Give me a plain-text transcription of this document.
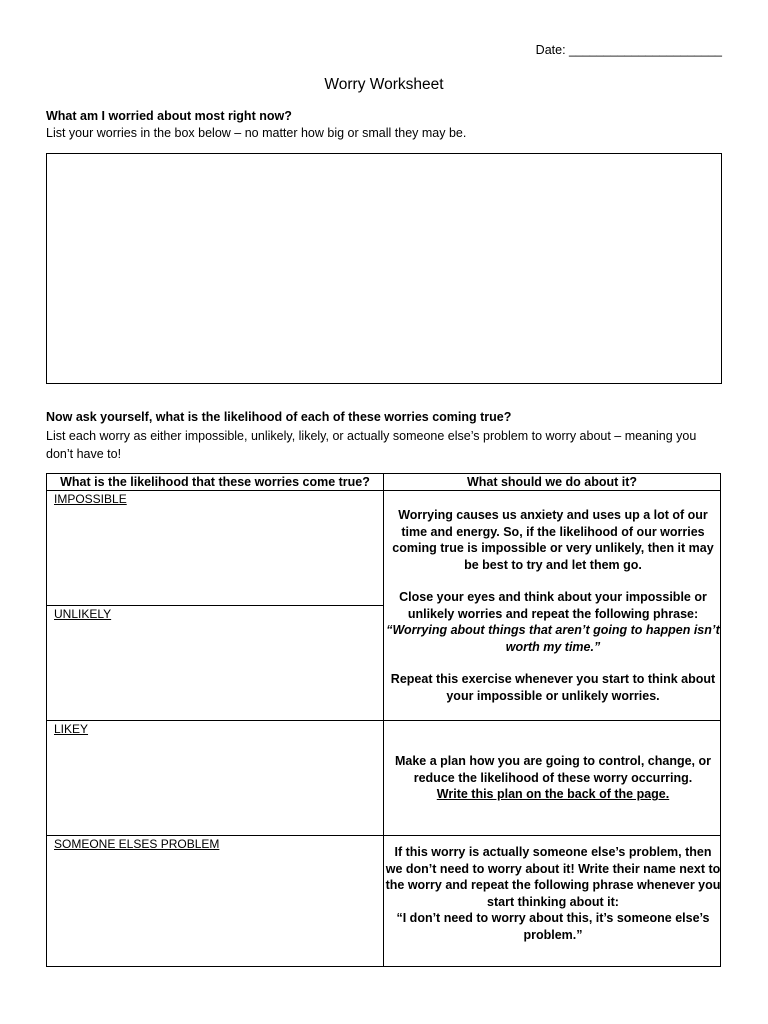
Date: ______________________
Worry Worksheet
What am I worried about most right now?
List your worries in the box below – no matter how big or small they may be.
Now ask yourself, what is the likelihood of each of these worries coming true?
List each worry as either impossible, unlikely, likely, or actually someone else’s problem to worry about – meaning you don’t have to!
What is the likelihood that these worries come true?	What should we do about it?
IMPOSSIBLE
UNLIKELY
LIKEY
SOMEONE ELSES PROBLEM

Worrying causes us anxiety and uses up a lot of our time and energy. So, if the likelihood of our worries coming true is impossible or very unlikely, then it may be best to try and let them go.

Close your eyes and think about your impossible or unlikely worries and repeat the following phrase:

“Worrying about things that aren’t going to happen isn’t worth my time.”

Repeat this exercise whenever you start to think about your impossible or unlikely worries.

Make a plan how you are going to control, change, or reduce the likelihood of these worry occurring.

Write this plan on the back of the page.

If this worry is actually someone else’s problem, then we don’t need to worry about it! Write their name next to the worry and repeat the following phrase whenever you start thinking about it:

“I don’t need to worry about this, it’s someone else’s problem.”
